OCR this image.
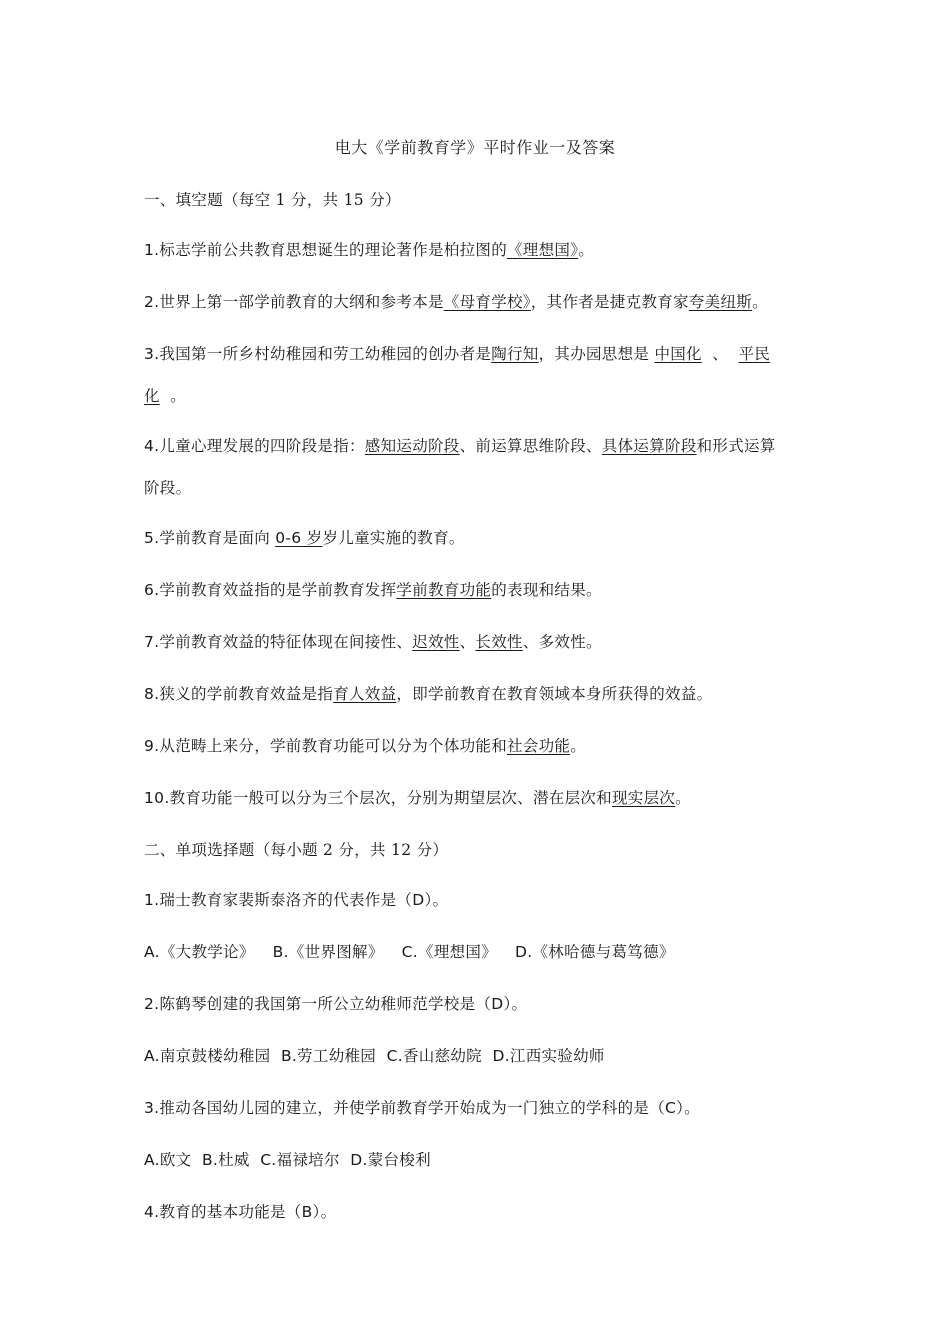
电大《学前教育学》平时作业一及答案
一、填空题（每空 1 分，共 15 分）
1.标志学前公共教育思想诞生的理论著作是柏拉图的《理想国》。
2.世界上第一部学前教育的大纲和参考本是《母育学校》，其作者是捷克教育家夸美纽斯。
3.我国第一所乡村幼稚园和劳工幼稚园的创办者是陶行知，其办园思想是 中国化 、 平民
化 。
4.儿童心理发展的四阶段是指：感知运动阶段、前运算思维阶段、具体运算阶段和形式运算
阶段。
5.学前教育是面向 0-6 岁岁儿童实施的教育。
6.学前教育效益指的是学前教育发挥学前教育功能的表现和结果。
7.学前教育效益的特征体现在间接性、迟效性、长效性、多效性。
8.狭义的学前教育效益是指育人效益，即学前教育在教育领域本身所获得的效益。
9.从范畴上来分，学前教育功能可以分为个体功能和社会功能。
10.教育功能一般可以分为三个层次，分别为期望层次、潜在层次和现实层次。
二、单项选择题（每小题 2 分，共 12 分）
1.瑞士教育家裴斯泰洛齐的代表作是（D）。
A.《大教学论》 B.《世界图解》 C.《理想国》 D.《林哈德与葛笃德》
2.陈鹤琴创建的我国第一所公立幼稚师范学校是（D）。
A.南京鼓楼幼稚园 B.劳工幼稚园 C.香山慈幼院 D.江西实验幼师
3.推动各国幼儿园的建立，并使学前教育学开始成为一门独立的学科的是（C）。
A.欧文 B.杜威 C.福禄培尔 D.蒙台梭利
4.教育的基本功能是（B）。
